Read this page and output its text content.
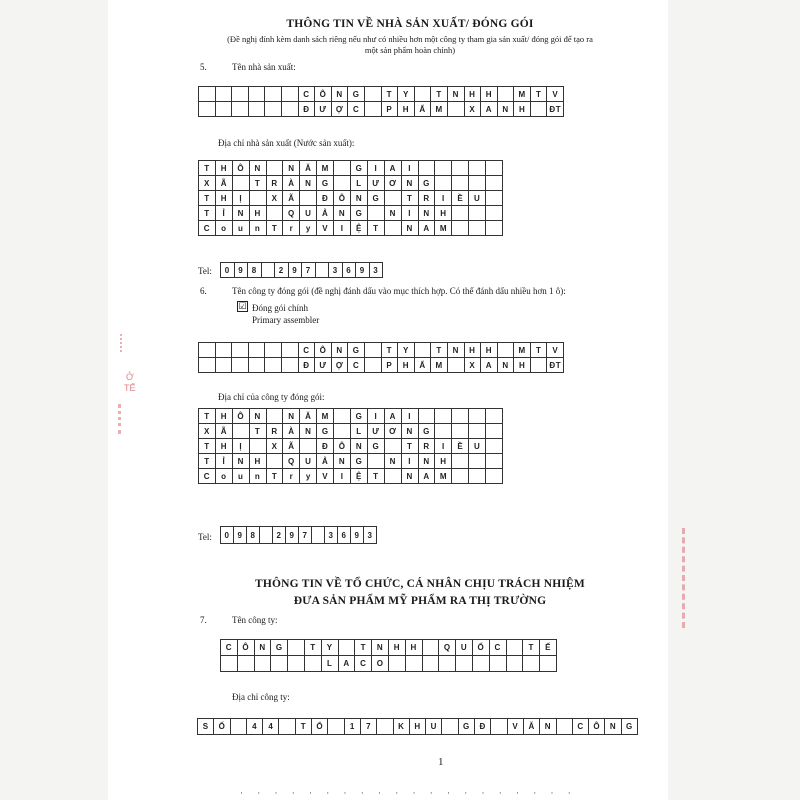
THÔNG TIN VỀ NHÀ SẢN XUẤT/ ĐÓNG GÓI
(Đề nghị đính kèm danh sách riêng nếu như có nhiều hơn một công ty tham gia sản xuất/ đóng gói để tạo ra
một sản phẩm hoàn chỉnh)
5.	Tên nhà sản xuất:
						C	Ô	N	G		T	Y		T	N	H	H		M	T	V
						Đ	Ư	Ợ	C		P	H	Ẩ	M		X	A	N	H		ĐT
Địa chỉ nhà sản xuất (Nước sản xuất):
T	H	Ô	N		N	Ă	M		G	I	A	I					
X	Ã		T	R	À	N	G		L	Ư	Ơ	N	G				
T	H	Ị		X	Ã		Đ	Ô	N	G		T	R	I	Ề	U	
T	Ỉ	N	H		Q	U	Ả	N	G		N	I	N	H			
C	o	u	n	T	r	y	V	I	Ệ	T		N	A	M			
Tel: 0	9	8		2	9	7		3	6	9	3
6.	Tên công ty đóng gói (đề nghị đánh dấu vào mục thích hợp. Có thể đánh dấu nhiều hơn 1 ô):
☑ Đóng gói chính
Primary assembler
						C	Ô	N	G		T	Y		T	N	H	H		M	T	V
						Đ	Ư	Ợ	C		P	H	Ẩ	M		X	A	N	H		ĐT
Địa chỉ của công ty đóng gói:
T	H	Ô	N		N	Ă	M		G	I	A	I					
X	Ã		T	R	À	N	G		L	Ư	Ơ	N	G				
T	H	Ị		X	Ã		Đ	Ô	N	G		T	R	I	Ề	U	
T	Ỉ	N	H		Q	U	Ả	N	G		N	I	N	H			
C	o	u	n	T	r	y	V	I	Ệ	T		N	A	M			
Tel: 0	9	8		2	9	7		3	6	9	3
THÔNG TIN VỀ TỔ CHỨC, CÁ NHÂN CHỊU TRÁCH NHIỆM
ĐƯA SẢN PHẨM MỸ PHẨM RA THỊ TRƯỜNG
7.	Tên công ty:
C	Ô	N	G		T	Y		T	N	H	H		Q	U	Ố	C		T	Ế
						L	A	C	O										
Địa chỉ công ty:
S	Ố		4	4		T	Ổ		1	7		K	H	U		G	Đ		V	Ă	N		C	Ô	N	G
1
Ở
TẾ
· · · · · · · · · · · · · · · · · · · ·
